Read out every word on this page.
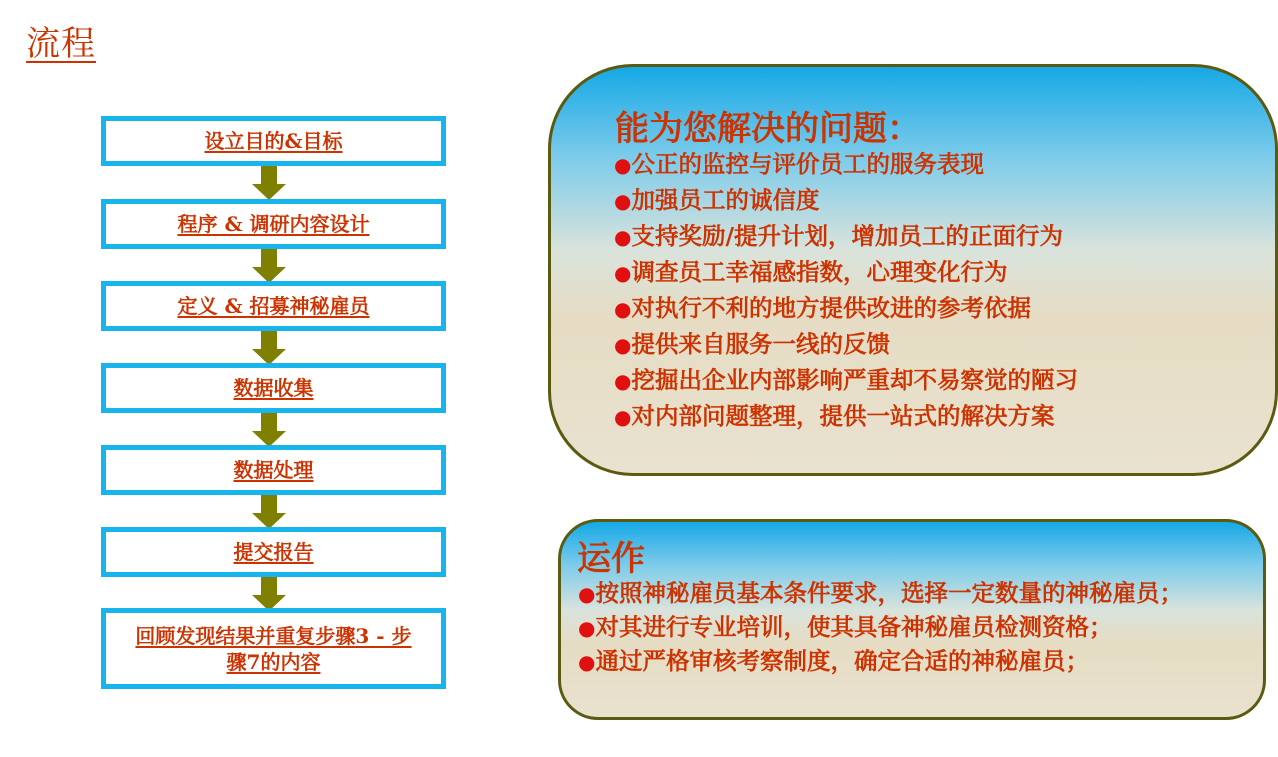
流程
设立目的&目标
程序 & 调研内容设计
定义 & 招募神秘雇员
数据收集
数据处理
提交报告
回顾发现结果并重复步骤3 - 步骤7的内容
能为您解决的问题：
●公正的监控与评价员工的服务表现
●加强员工的诚信度
●支持奖励/提升计划，增加员工的正面行为
●调查员工幸福感指数，心理变化行为
●对执行不利的地方提供改进的参考依据
●提供来自服务一线的反馈
●挖掘出企业内部影响严重却不易察觉的陋习
●对内部问题整理，提供一站式的解决方案
运作
●按照神秘雇员基本条件要求，选择一定数量的神秘雇员；
●对其进行专业培训，使其具备神秘雇员检测资格；
●通过严格审核考察制度，确定合适的神秘雇员；
